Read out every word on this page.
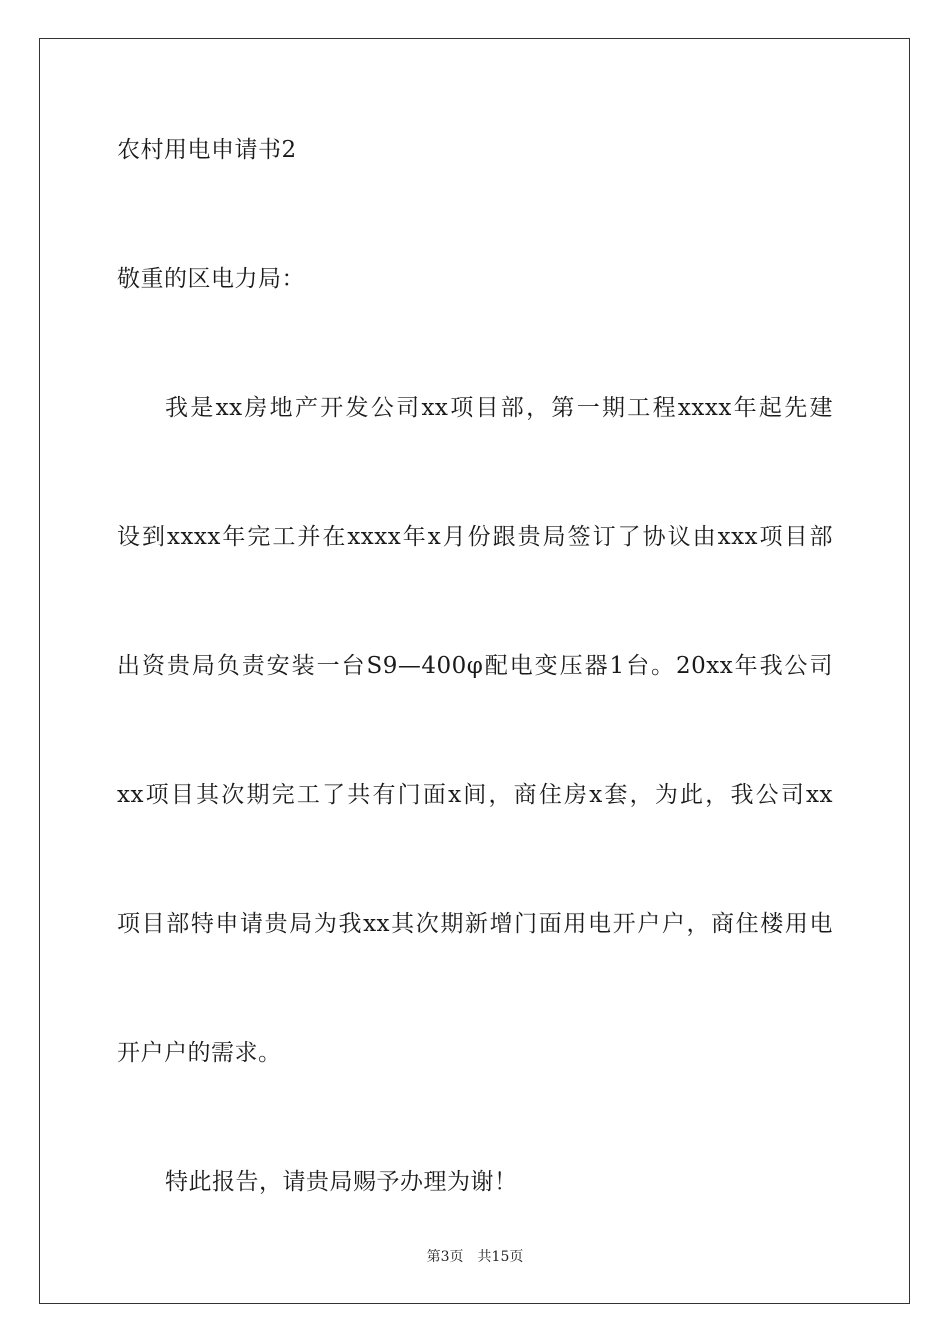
农村用电申请书2
敬重的区电力局：
我是xx房地产开发公司xx项目部，第一期工程xxxx年起先建
设到xxxx年完工并在xxxx年x月份跟贵局签订了协议由xxx项目部
出资贵局负责安装一台S9—400φ配电变压器1台。20xx年我公司
xx项目其次期完工了共有门面x间，商住房x套，为此，我公司xx
项目部特申请贵局为我xx其次期新增门面用电开户户，商住楼用电
开户户的需求。
特此报告，请贵局赐予办理为谢！
第3页 共15页
